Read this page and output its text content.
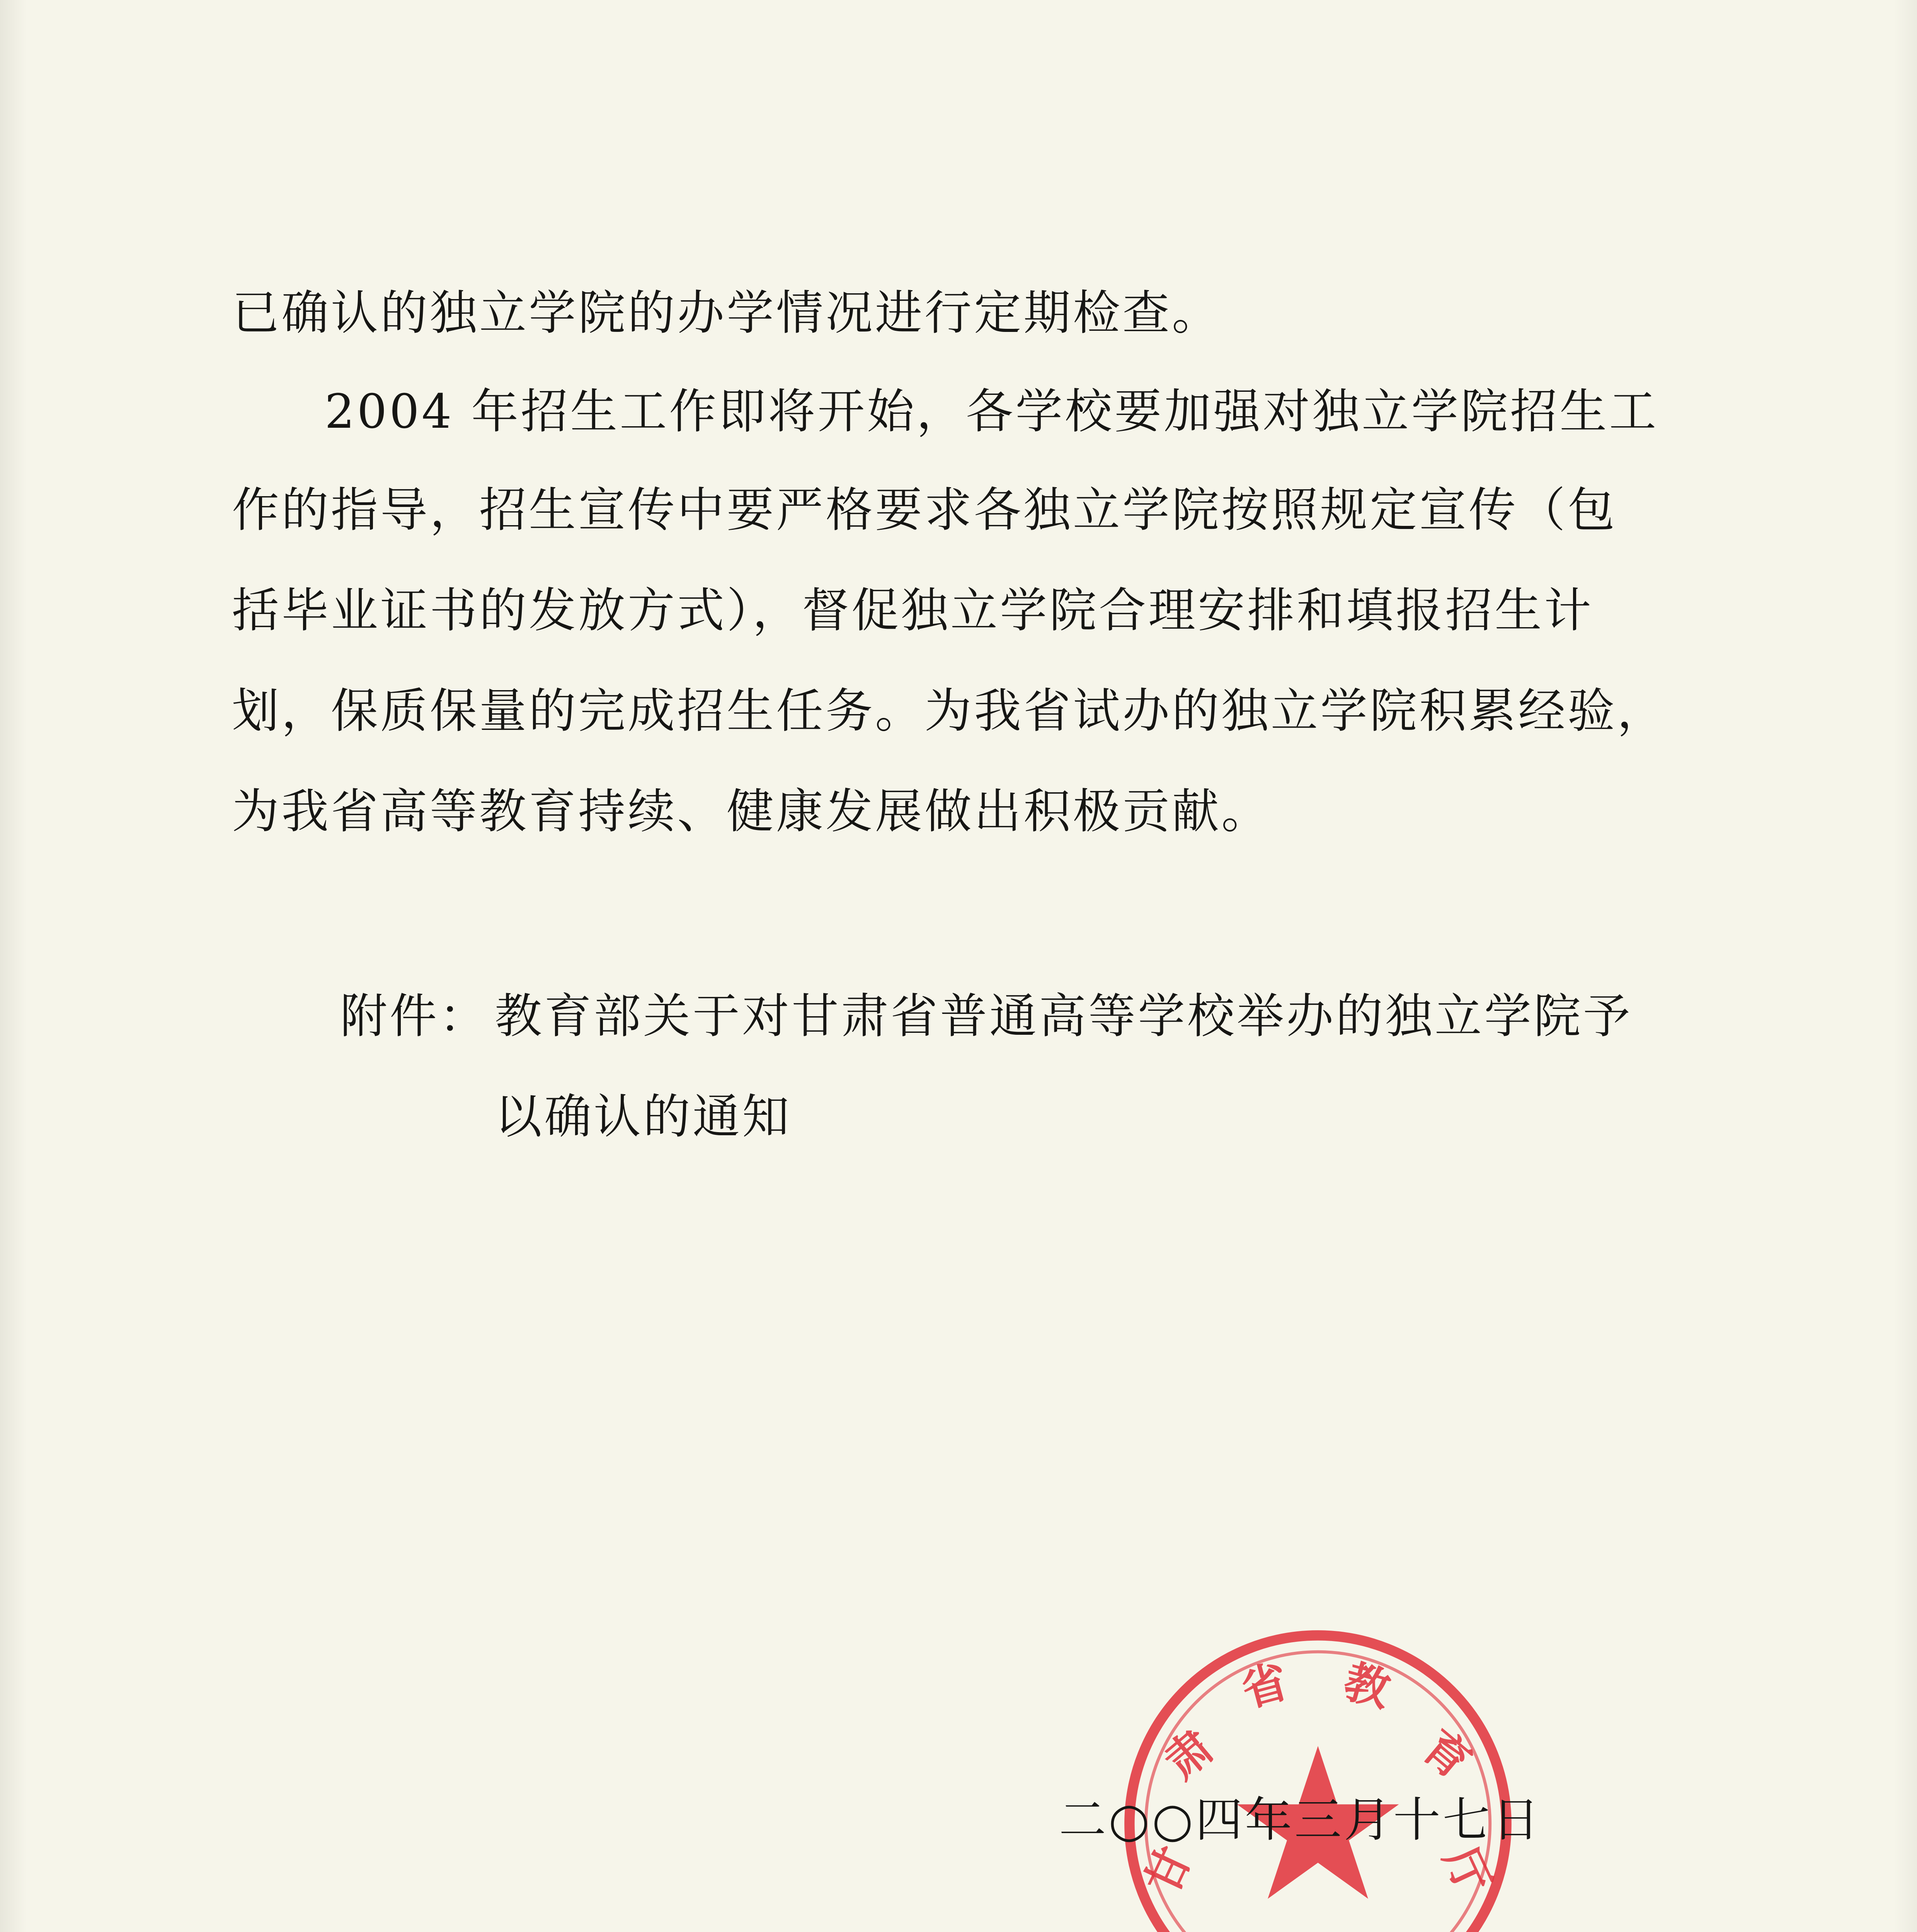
已确认的独立学院的办学情况进行定期检查。
2004 年招生工作即将开始，各学校要加强对独立学院招生工
作的指导，招生宣传中要严格要求各独立学院按照规定宣传（包
括毕业证书的发放方式），督促独立学院合理安排和填报招生计
划，保质保量的完成招生任务。为我省试办的独立学院积累经验，
为我省高等教育持续、健康发展做出积极贡献。
附件： 教育部关于对甘肃省普通高等学校举办的独立学院予
以确认的通知
甘
肃
省	教
育
厅
二○○四年三月十七日
